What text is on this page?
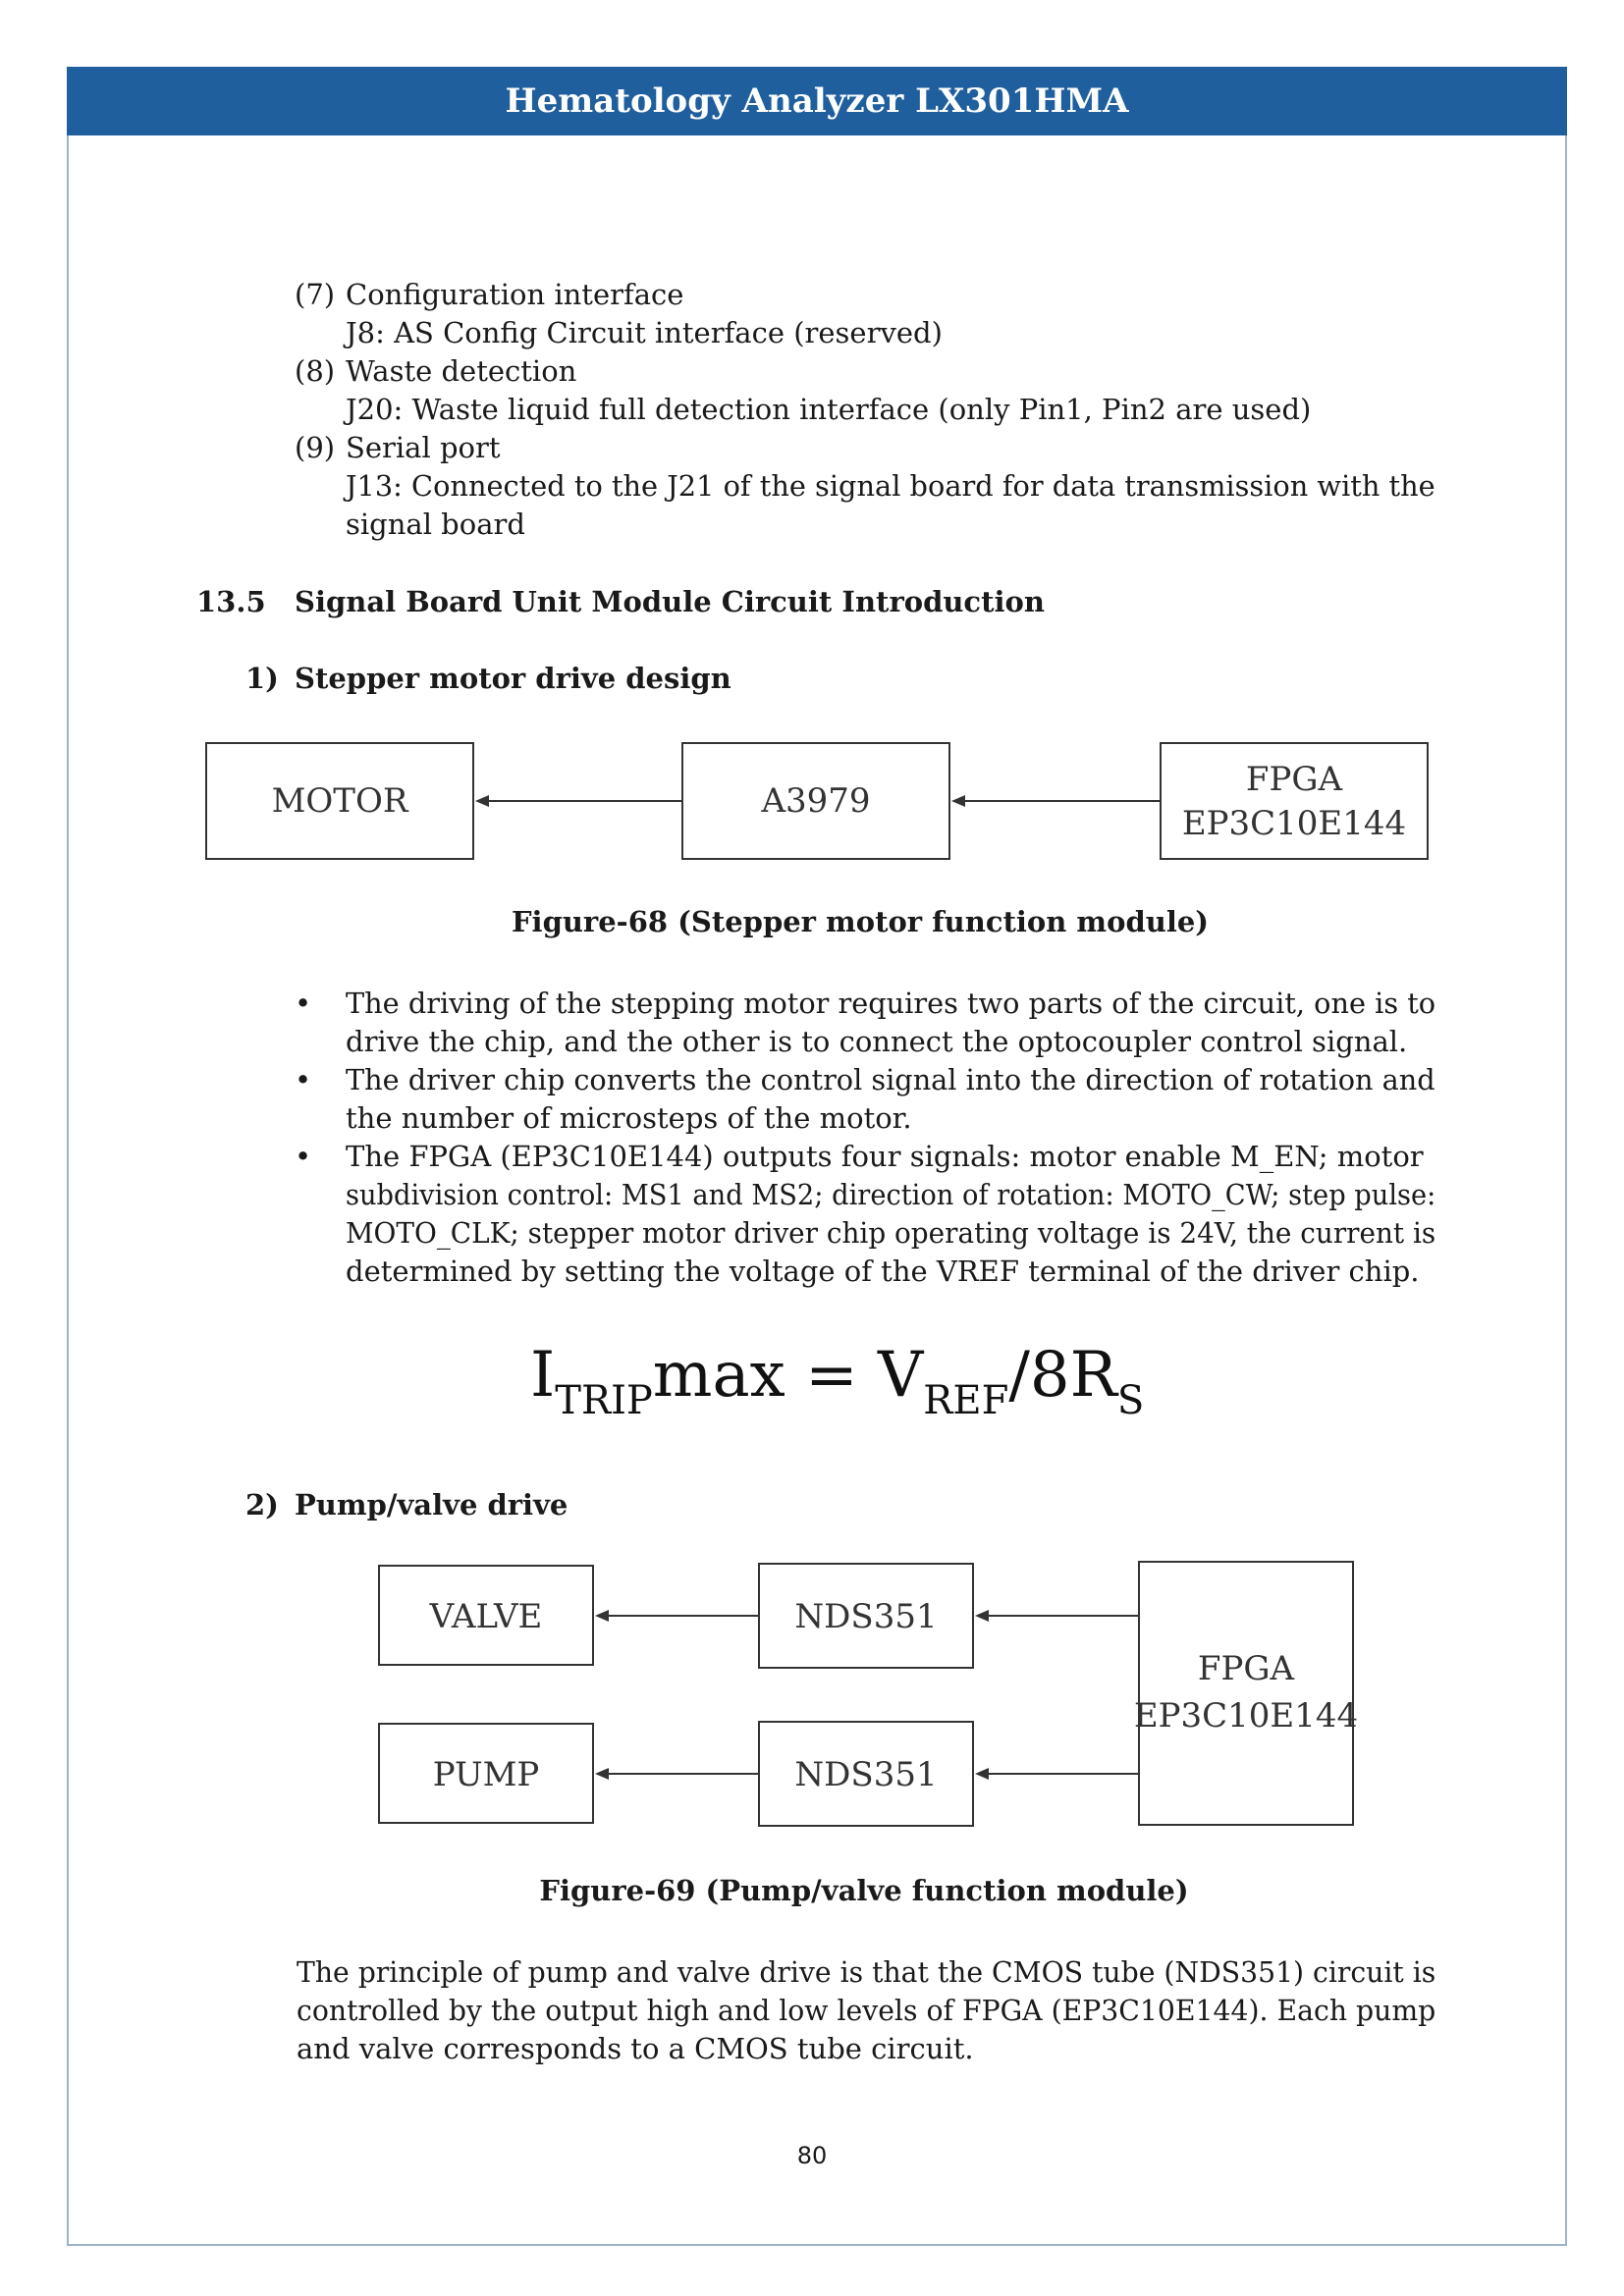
Hematology Analyzer LX301HMA
(7) Configuration interface
J8: AS Config Circuit interface (reserved)
(8) Waste detection
J20: Waste liquid full detection interface (only Pin1, Pin2 are used)
(9) Serial port
J13: Connected to the J21 of the signal board for data transmission with the
signal board
13.5 Signal Board Unit Module Circuit Introduction
1) Stepper motor drive design
MOTOR	A3979
FPGA
EP3C10E144
Figure-68 (Stepper motor function module)
• The driving of the stepping motor requires two parts of the circuit, one is to
drive the chip, and the other is to connect the optocoupler control signal.
• The driver chip converts the control signal into the direction of rotation and
the number of microsteps of the motor.
• The FPGA (EP3C10E144) outputs four signals: motor enable M_EN; motor
subdivision control: MS1 and MS2; direction of rotation: MOTO_CW; step pulse:
MOTO_CLK; stepper motor driver chip operating voltage is 24V, the current is
determined by setting the voltage of the VREF terminal of the driver chip.
$I_{TRIP}\max = V_{REF}/8R_S$
2) Pump/valve drive
VALVE	NDS351
PUMP	NDS351
FPGA
EP3C10E144
Figure-69 (Pump/valve function module)
The principle of pump and valve drive is that the CMOS tube (NDS351) circuit is
controlled by the output high and low levels of FPGA (EP3C10E144). Each pump
and valve corresponds to a CMOS tube circuit.
80
